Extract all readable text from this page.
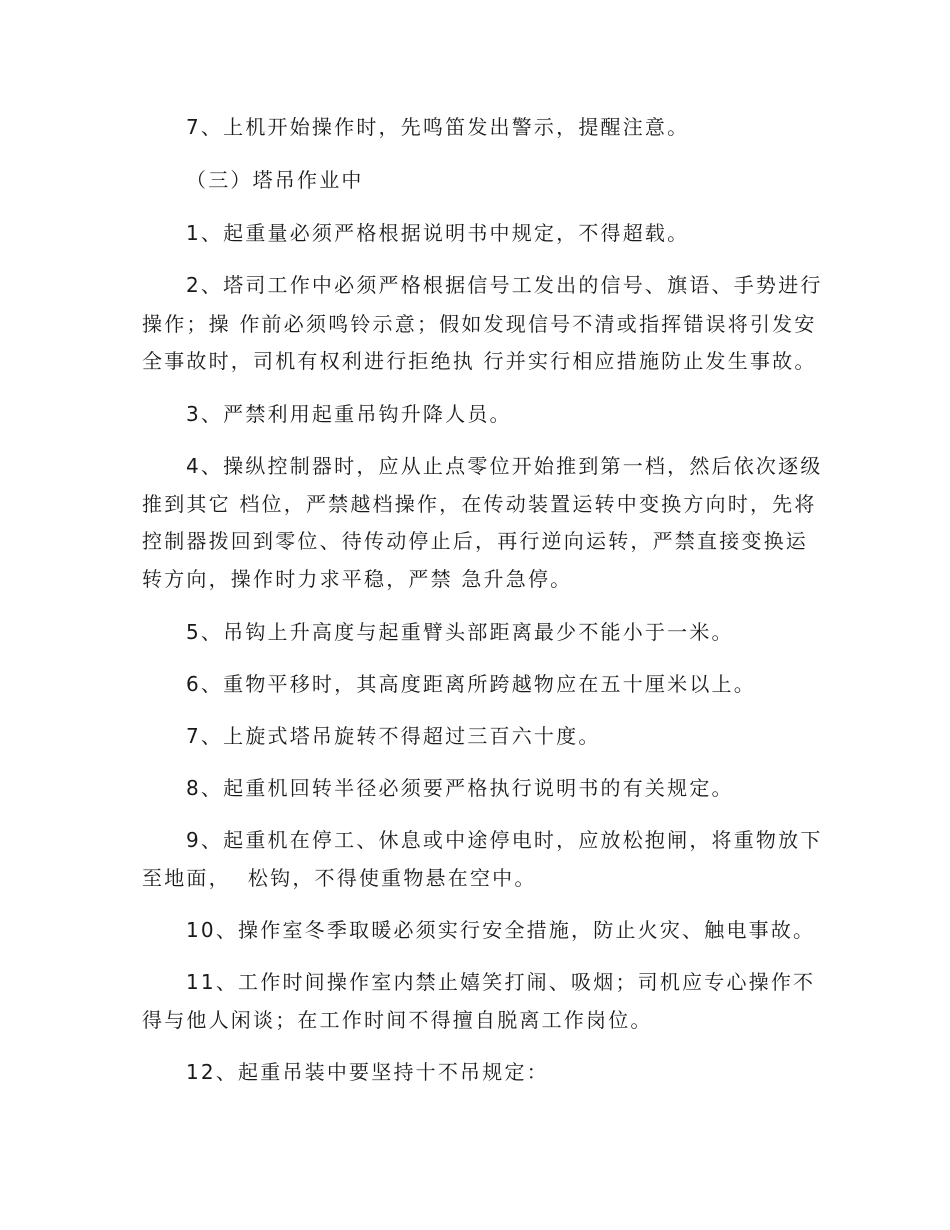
7、上机开始操作时，先鸣笛发出警示，提醒注意。
（三）塔吊作业中
1、起重量必须严格根据说明书中规定，不得超载。
2、塔司工作中必须严格根据信号工发出的信号、旗语、手势进行
操作；操 作前必须鸣铃示意；假如发现信号不清或指挥错误将引发安
全事故时，司机有权利进行拒绝执 行并实行相应措施防止发生事故。
3、严禁利用起重吊钩升降人员。
4、操纵控制器时，应从止点零位开始推到第一档，然后依次逐级
推到其它 档位，严禁越档操作，在传动装置运转中变换方向时，先将
控制器拨回到零位、待传动停止后，再行逆向运转，严禁直接变换运
转方向，操作时力求平稳，严禁 急升急停。
5、吊钩上升高度与起重臂头部距离最少不能小于一米。
6、重物平移时，其高度距离所跨越物应在五十厘米以上。
7、上旋式塔吊旋转不得超过三百六十度。
8、起重机回转半径必须要严格执行说明书的有关规定。
9、起重机在停工、休息或中途停电时，应放松抱闸，将重物放下
至地面，  松钩，不得使重物悬在空中。
10、操作室冬季取暖必须实行安全措施，防止火灾、触电事故。
11、工作时间操作室内禁止嬉笑打闹、吸烟；司机应专心操作不
得与他人闲谈；在工作时间不得擅自脱离工作岗位。
12、起重吊装中要坚持十不吊规定：
